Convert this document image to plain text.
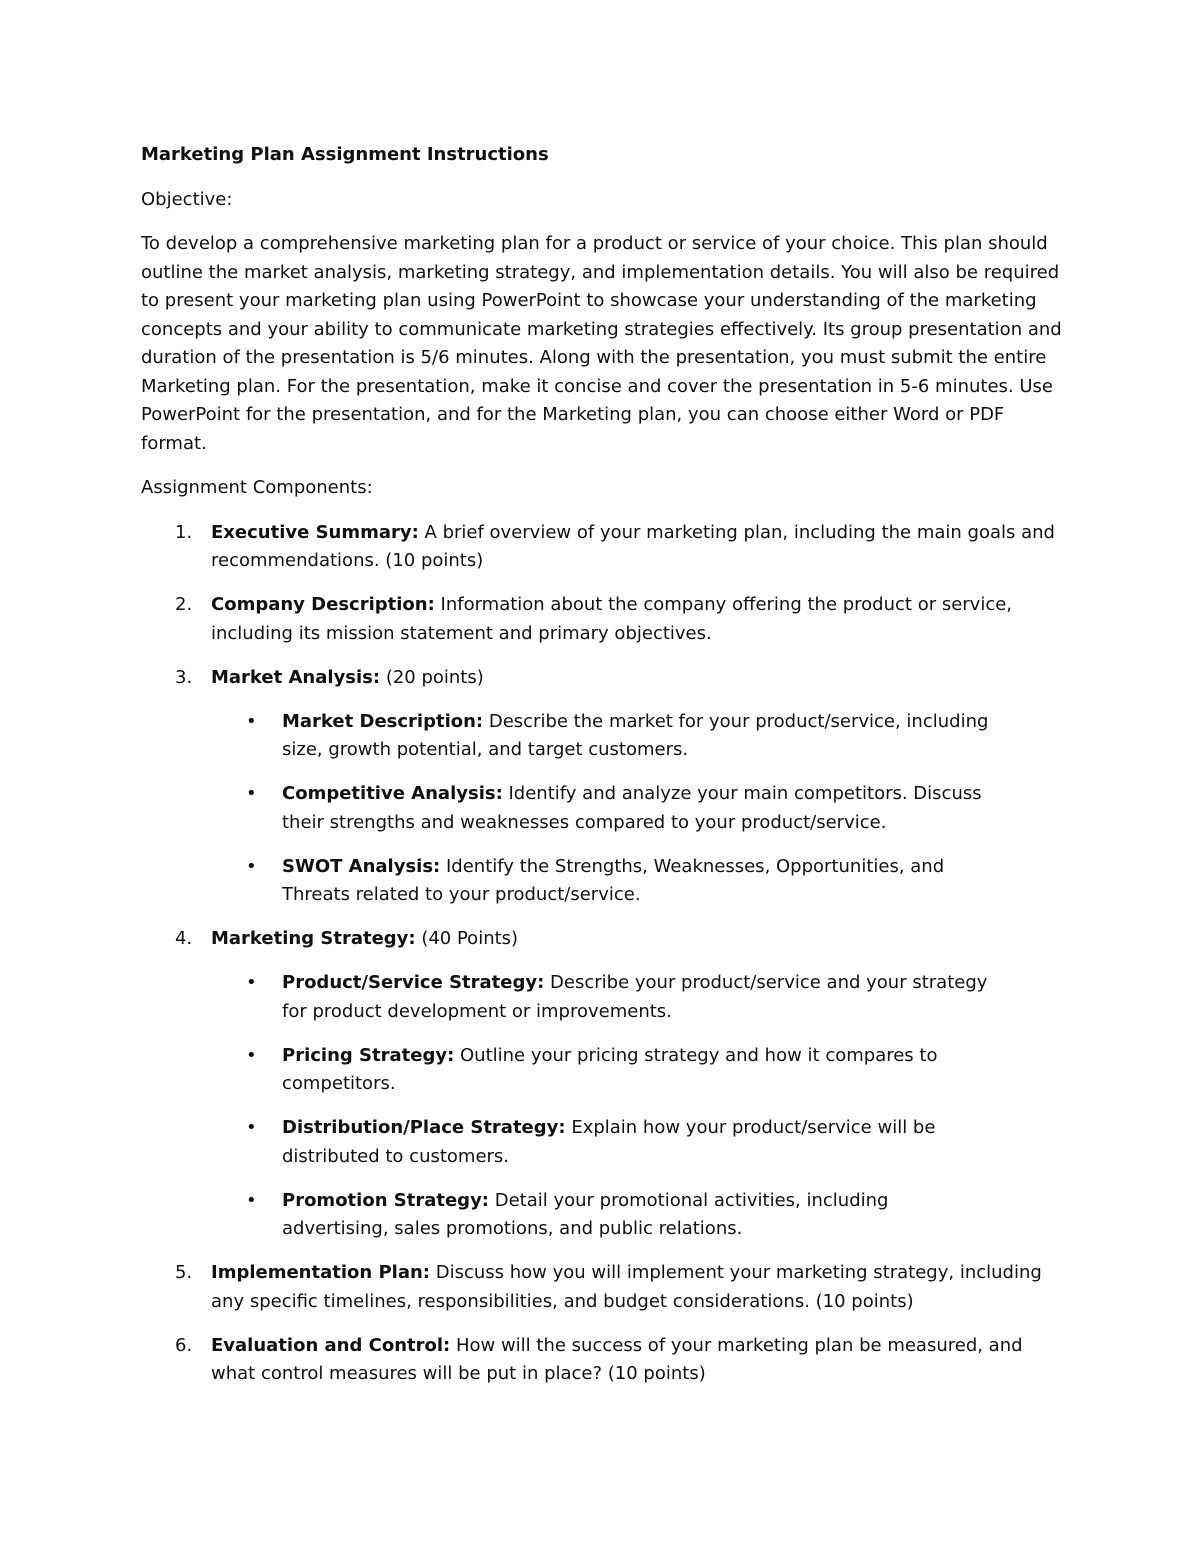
Marketing Plan Assignment Instructions
Objective:
To develop a comprehensive marketing plan for a product or service of your choice. This plan should outline the market analysis, marketing strategy, and implementation details. You will also be required to present your marketing plan using PowerPoint to showcase your understanding of the marketing concepts and your ability to communicate marketing strategies effectively. Its group presentation and duration of the presentation is 5/6 minutes. Along with the presentation, you must submit the entire Marketing plan. For the presentation, make it concise and cover the presentation in 5-6 minutes. Use PowerPoint for the presentation, and for the Marketing plan, you can choose either Word or PDF format.
Assignment Components:
1. Executive Summary: A brief overview of your marketing plan, including the main goals and recommendations. (10 points)
2. Company Description: Information about the company offering the product or service, including its mission statement and primary objectives.
3. Market Analysis: (20 points)
• Market Description: Describe the market for your product/service, including size, growth potential, and target customers.
• Competitive Analysis: Identify and analyze your main competitors. Discuss their strengths and weaknesses compared to your product/service.
• SWOT Analysis: Identify the Strengths, Weaknesses, Opportunities, and Threats related to your product/service.
4. Marketing Strategy: (40 Points)
• Product/Service Strategy: Describe your product/service and your strategy for product development or improvements.
• Pricing Strategy: Outline your pricing strategy and how it compares to competitors.
• Distribution/Place Strategy: Explain how your product/service will be distributed to customers.
• Promotion Strategy: Detail your promotional activities, including advertising, sales promotions, and public relations.
5. Implementation Plan: Discuss how you will implement your marketing strategy, including any specific timelines, responsibilities, and budget considerations. (10 points)
6. Evaluation and Control: How will the success of your marketing plan be measured, and what control measures will be put in place? (10 points)
